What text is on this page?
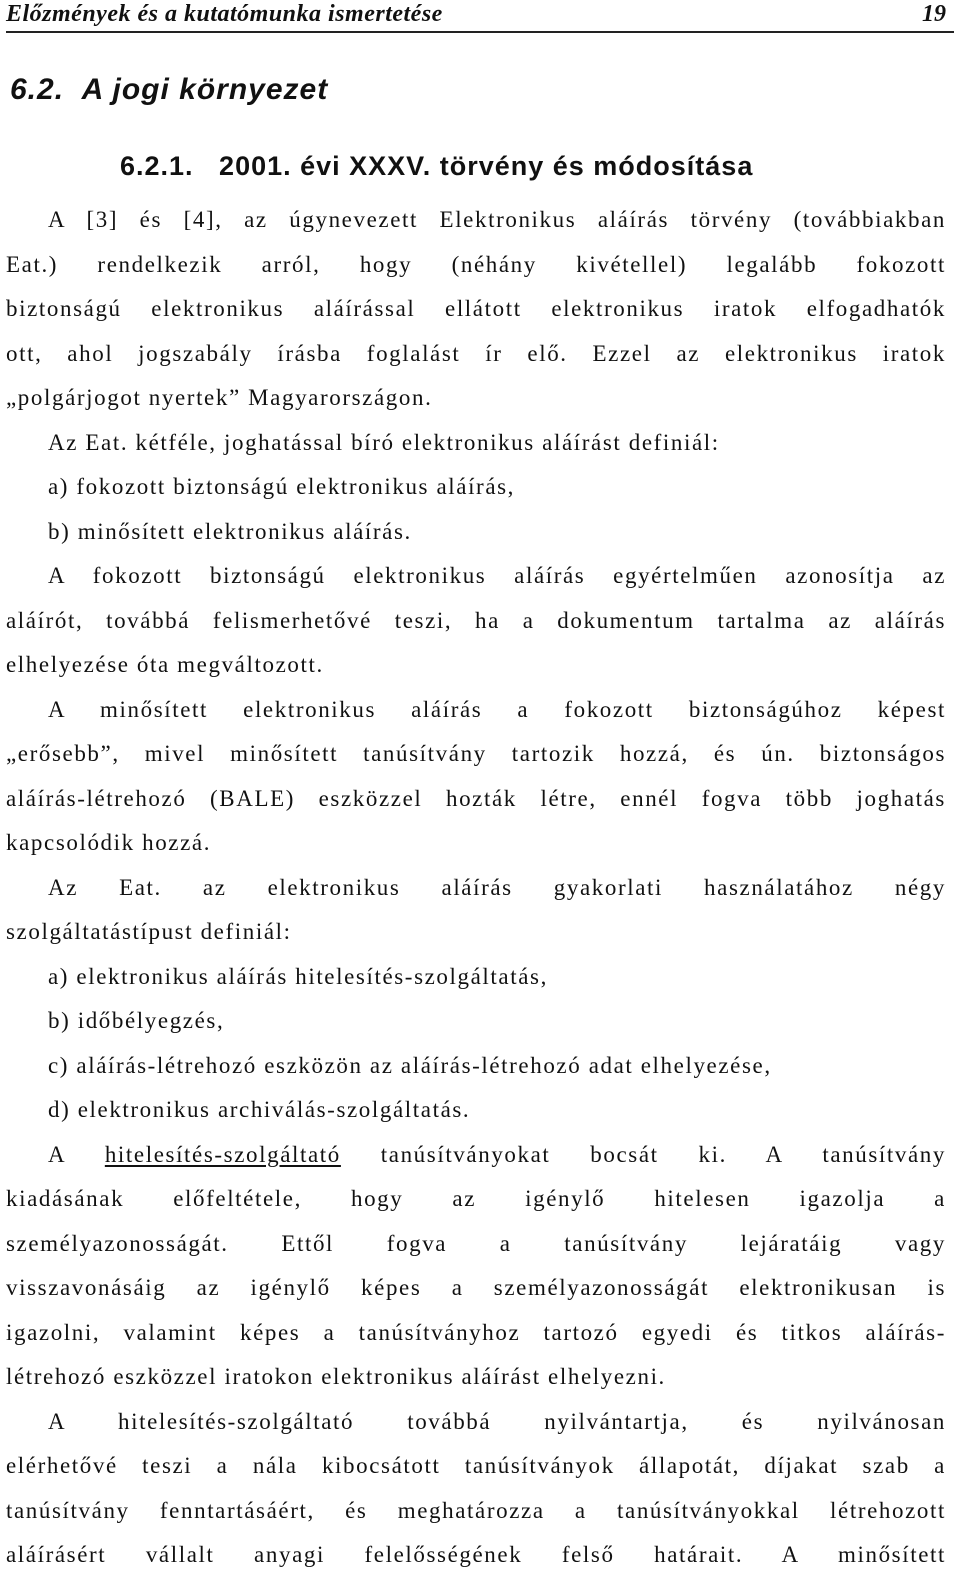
Előzmények és a kutatómunka ismertetése	19
6.2.  A jogi környezet
6.2.1.   2001. évi XXXV. törvény és módosítása
A [3] és [4], az úgynevezett Elektronikus aláírás törvény (továbbiakban
Eat.) rendelkezik arról, hogy (néhány kivétellel) legalább fokozott
biztonságú elektronikus aláírással ellátott elektronikus iratok elfogadhatók
ott, ahol jogszabály írásba foglalást ír elő. Ezzel az elektronikus iratok
„polgárjogot nyertek” Magyarországon.
Az Eat. kétféle, joghatással bíró elektronikus aláírást definiál:
a) fokozott biztonságú elektronikus aláírás,
b) minősített elektronikus aláírás.
A fokozott biztonságú elektronikus aláírás egyértelműen azonosítja az
aláírót, továbbá felismerhetővé teszi, ha a dokumentum tartalma az aláírás
elhelyezése óta megváltozott.
A minősített elektronikus aláírás a fokozott biztonságúhoz képest
„erősebb”, mivel minősített tanúsítvány tartozik hozzá, és ún. biztonságos
aláírás-létrehozó (BALE) eszközzel hozták létre, ennél fogva több joghatás
kapcsolódik hozzá.
Az Eat. az elektronikus aláírás gyakorlati használatához négy
szolgáltatástípust definiál:
a) elektronikus aláírás hitelesítés-szolgáltatás,
b) időbélyegzés,
c) aláírás-létrehozó eszközön az aláírás-létrehozó adat elhelyezése,
d) elektronikus archiválás-szolgáltatás.
A hitelesítés-szolgáltató tanúsítványokat bocsát ki. A tanúsítvány
kiadásának előfeltétele, hogy az igénylő hitelesen igazolja a
személyazonosságát. Ettől fogva a tanúsítvány lejáratáig vagy
visszavonásáig az igénylő képes a személyazonosságát elektronikusan is
igazolni, valamint képes a tanúsítványhoz tartozó egyedi és titkos aláírás-
létrehozó eszközzel iratokon elektronikus aláírást elhelyezni.
A hitelesítés-szolgáltató továbbá nyilvántartja, és nyilvánosan
elérhetővé teszi a nála kibocsátott tanúsítványok állapotát, díjakat szab a
tanúsítvány fenntartásáért, és meghatározza a tanúsítványokkal létrehozott
aláírásért vállalt anyagi felelősségének felső határait. A minősített
